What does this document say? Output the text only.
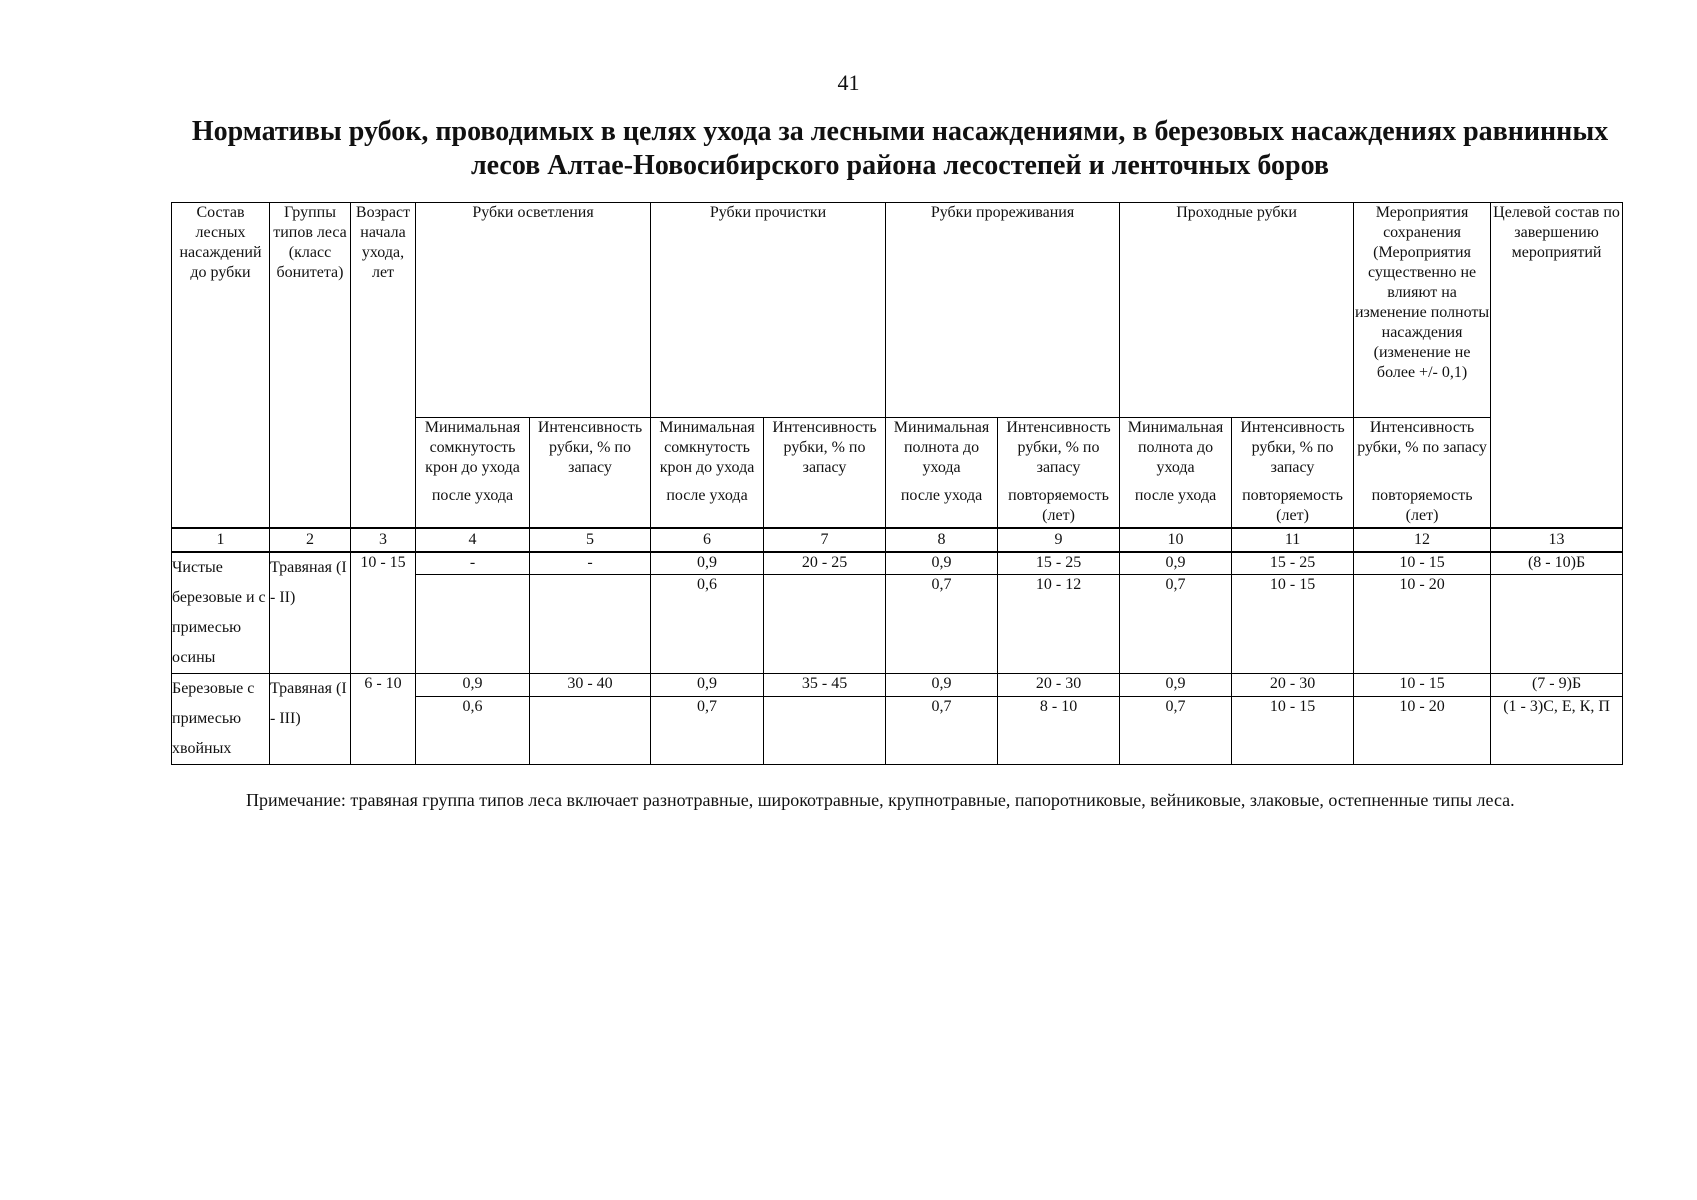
41
Нормативы рубок, проводимых в целях ухода за лесными насаждениями, в березовых насаждениях равнинных
лесов Алтае-Новосибирского района лесостепей и ленточных боров
Состав лесных насаждений до рубки	Группы типов леса (класс бонитета)	Возраст начала ухода, лет	Рубки осветления		Рубки прочистки		Рубки прореживания		Проходные рубки		Мероприятия сохранения (Мероприятия существенно не влияют на изменение полноты насаждения (изменение не более +/- 0,1)	Целевой состав по завершению мероприятий
			Минимальная сомкнутость крон до ухода	Интенсивность рубки, % по запасу	Минимальная сомкнутость крон до ухода	Интенсивность рубки, % по запасу	Минимальная полнота до ухода	Интенсивность рубки, % по запасу	Минимальная полнота до ухода	Интенсивность рубки, % по запасу	Интенсивность рубки, % по запасу	
			после ухода		после ухода		после ухода	повторяемость (лет)	после ухода	повторяемость (лет)	повторяемость (лет)	
1	2	3	4	5	6	7	8	9	10	11	12	13
Чистые березовые и с примесью осины	Травяная (I - II)	10 - 15	-	-	0,9	20 - 25	0,9	15 - 25	0,9	15 - 25	10 - 15	(8 - 10)Б
					0,6		0,7	10 - 12	0,7	10 - 15	10 - 20	
Березовые с примесью хвойных	Травяная (I - III)	6 - 10	0,9	30 - 40	0,9	35 - 45	0,9	20 - 30	0,9	20 - 30	10 - 15	(7 - 9)Б
			0,6		0,7		0,7	8 - 10	0,7	10 - 15	10 - 20	(1 - 3)С, Е, К, П
Примечание: травяная группа типов леса включает разнотравные, широкотравные, крупнотравные, папоротниковые, вейниковые, злаковые, остепненные типы леса.
